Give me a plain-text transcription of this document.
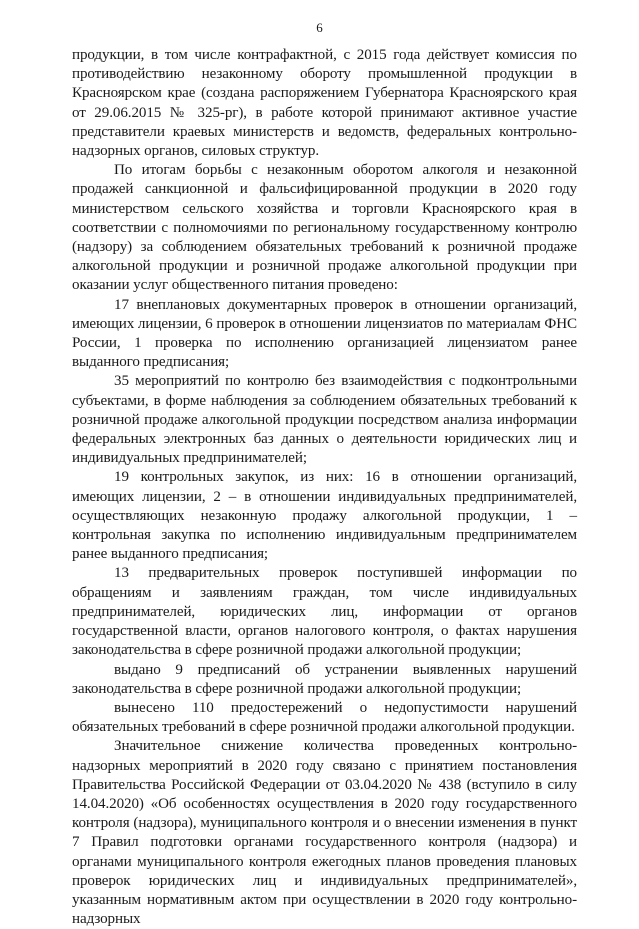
6

продукции, в том числе контрафактной, с 2015 года действует комиссия по противодействию незаконному обороту промышленной продукции в Красноярском крае (создана распоряжением Губернатора Красноярского края от 29.06.2015 № 325-рг), в работе которой принимают активное участие представители краевых министерств и ведомств, федеральных контрольно-надзорных органов, силовых структур.

По итогам борьбы с незаконным оборотом алкоголя и незаконной продажей санкционной и фальсифицированной продукции в 2020 году министерством сельского хозяйства и торговли Красноярского края в соответствии с полномочиями по региональному государственному контролю (надзору) за соблюдением обязательных требований к розничной продаже алкогольной продукции и розничной продаже алкогольной продукции при оказании услуг общественного питания проведено:

17 внеплановых документарных проверок в отношении организаций, имеющих лицензии, 6 проверок в отношении лицензиатов по материалам ФНС России, 1 проверка по исполнению организацией лицензиатом ранее выданного предписания;

35 мероприятий по контролю без взаимодействия с подконтрольными субъектами, в форме наблюдения за соблюдением обязательных требований к розничной продаже алкогольной продукции посредством анализа информации федеральных электронных баз данных о деятельности юридических лиц и индивидуальных предпринимателей;

19 контрольных закупок, из них: 16 в отношении организаций, имеющих лицензии, 2 – в отношении индивидуальных предпринимателей, осуществляющих незаконную продажу алкогольной продукции, 1 – контрольная закупка по исполнению индивидуальным предпринимателем ранее выданного предписания;

13 предварительных проверок поступившей информации по обращениям и заявлениям граждан, том числе индивидуальных предпринимателей, юридических лиц, информации от органов государственной власти, органов налогового контроля, о фактах нарушения законодательства в сфере розничной продажи алкогольной продукции;

выдано 9 предписаний об устранении выявленных нарушений законодательства в сфере розничной продажи алкогольной продукции;

вынесено 110 предостережений о недопустимости нарушений обязательных требований в сфере розничной продажи алкогольной продукции.

Значительное снижение количества проведенных контрольно-надзорных мероприятий в 2020 году связано с принятием постановления Правительства Российской Федерации от 03.04.2020 № 438 (вступило в силу 14.04.2020) «Об особенностях осуществления в 2020 году государственного контроля (надзора), муниципального контроля и о внесении изменения в пункт 7 Правил подготовки органами государственного контроля (надзора) и органами муниципального контроля ежегодных планов проведения плановых проверок юридических лиц и индивидуальных предпринимателей», указанным нормативным актом при осуществлении в 2020 году контрольно-надзорных
